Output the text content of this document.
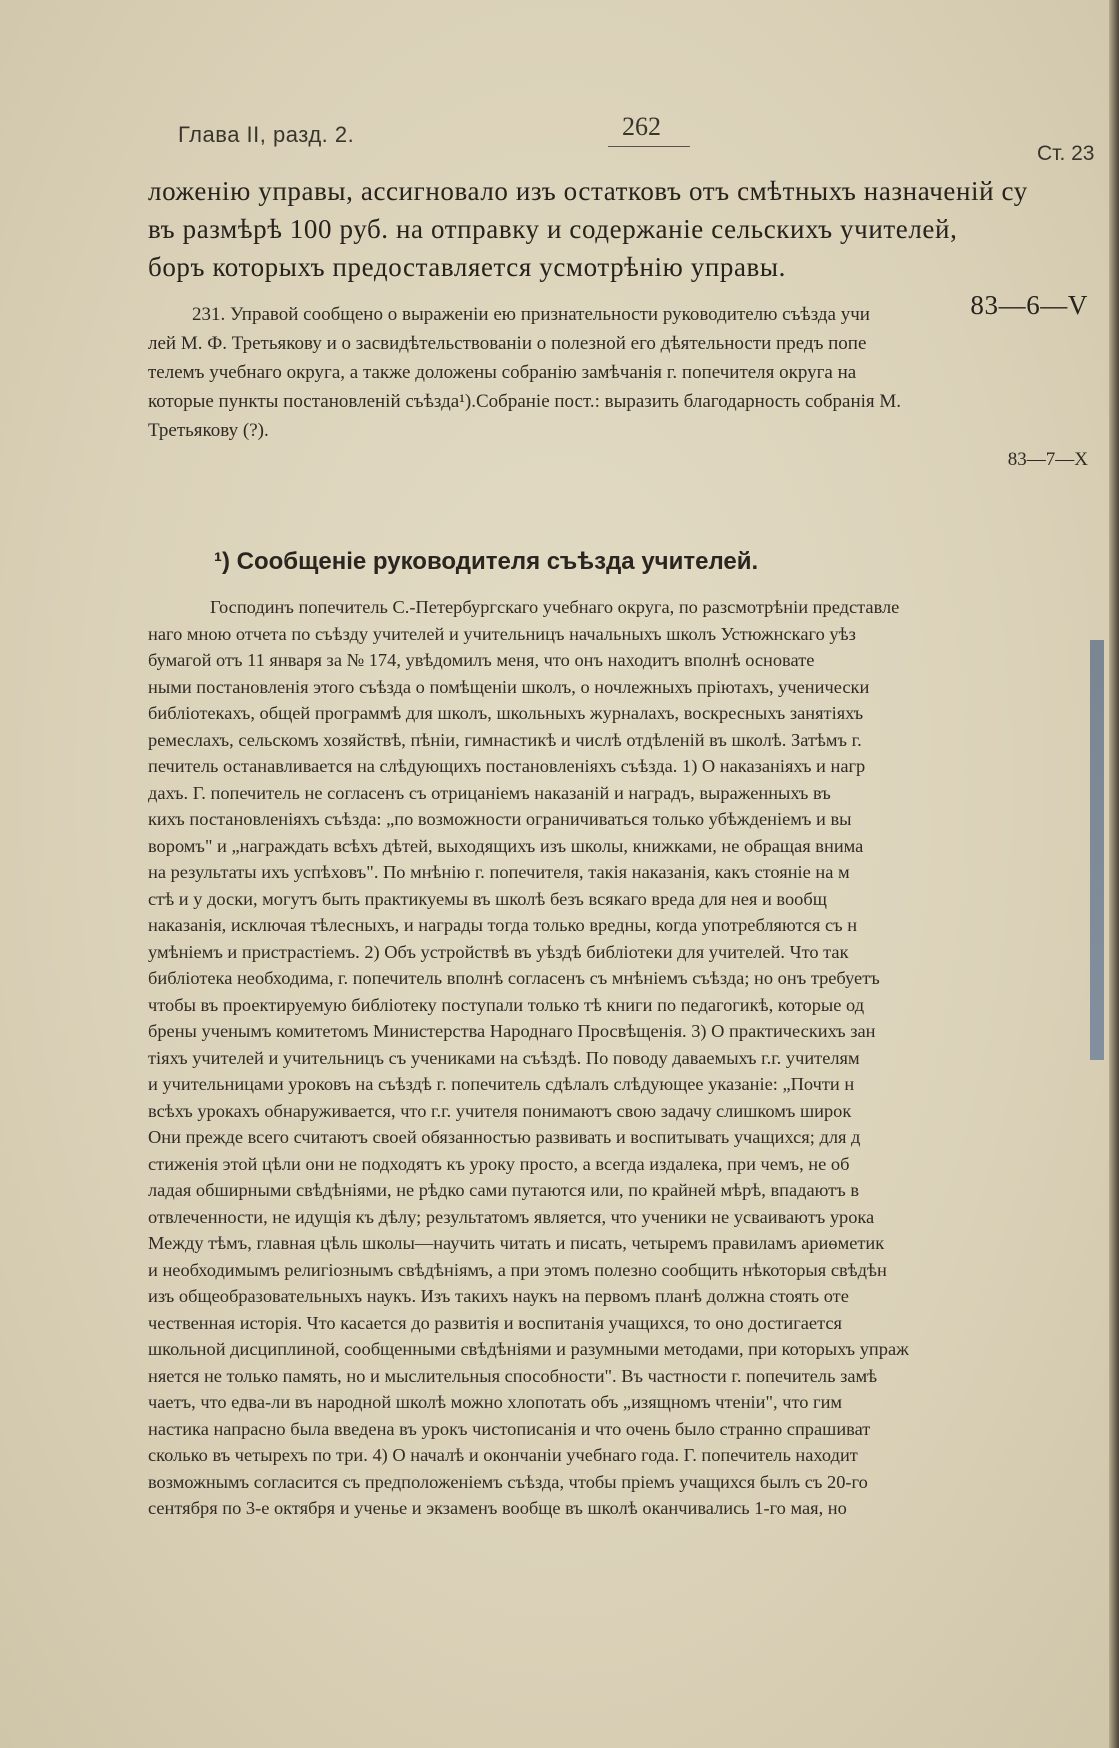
Глава II, разд. 2.	262
Ст. 23
ложенію управы, ассигновало изъ остатковъ отъ смѣтныхъ назначеній су
въ размѣрѣ 100 руб. на отправку и содержаніе сельскихъ учителей,
боръ которыхъ предоставляется усмотрѣнію управы.
83—6—V
231. Управой сообщено о выраженіи ею признательности руководителю съѣзда учи
лей М. Ф. Третьякову и о засвидѣтельствованіи о полезной его дѣятельности предъ попе
телемъ учебнаго округа, а также доложены собранію замѣчанія г. попечителя округа на
которые пункты постановленій съѣзда¹).Собраніе пост.: выразить благодарность собранія М.
Третьякову (?).
83—7—X
¹) Сообщеніе руководителя съѣзда учителей.
Господинъ попечитель С.-Петербургскаго учебнаго округа, по разсмотрѣніи представле
наго мною отчета по съѣзду учителей и учительницъ начальныхъ школъ Устюжнскаго уѣз
бумагой отъ 11 января за № 174, увѣдомилъ меня, что онъ находитъ вполнѣ основате
ными постановленія этого съѣзда о помѣщеніи школъ, о ночлежныхъ пріютахъ, ученически
библіотекахъ, общей программѣ для школъ, школьныхъ журналахъ, воскресныхъ занятіяхъ
ремеслахъ, сельскомъ хозяйствѣ, пѣніи, гимнастикѣ и числѣ отдѣленій въ школѣ. Затѣмъ г.
печитель останавливается на слѣдующихъ постановленіяхъ съѣзда. 1) О наказаніяхъ и нагр
дахъ. Г. попечитель не согласенъ съ отрицаніемъ наказаній и наградъ, выраженныхъ въ
кихъ постановленіяхъ съѣзда: „по возможности ограничиваться только убѣжденіемъ и вы
воромъ" и „награждать всѣхъ дѣтей, выходящихъ изъ школы, книжками, не обращая внима
на результаты ихъ успѣховъ". По мнѣнію г. попечителя, такія наказанія, какъ стояніе на м
стѣ и у доски, могутъ быть практикуемы въ школѣ безъ всякаго вреда для нея и вообщ
наказанія, исключая тѣлесныхъ, и награды тогда только вредны, когда употребляются съ н
умѣніемъ и пристрастіемъ. 2) Объ устройствѣ въ уѣздѣ библіотеки для учителей. Что так
библіотека необходима, г. попечитель вполнѣ согласенъ съ мнѣніемъ съѣзда; но онъ требуетъ
чтобы въ проектируемую библіотеку поступали только тѣ книги по педагогикѣ, которые од
брены ученымъ комитетомъ Министерства Народнаго Просвѣщенія. 3) О практическихъ зан
тіяхъ учителей и учительницъ съ учениками на съѣздѣ. По поводу даваемыхъ г.г. учителям
и учительницами уроковъ на съѣздѣ г. попечитель сдѣлалъ слѣдующее указаніе: „Почти н
всѣхъ урокахъ обнаруживается, что г.г. учителя понимаютъ свою задачу слишкомъ широк
Они прежде всего считаютъ своей обязанностью развивать и воспитывать учащихся; для д
стиженія этой цѣли они не подходятъ къ уроку просто, а всегда издалека, при чемъ, не об
ладая обширными свѣдѣніями, не рѣдко сами путаются или, по крайней мѣрѣ, впадаютъ в
отвлеченности, не идущія къ дѣлу; результатомъ является, что ученики не усваиваютъ урока
Между тѣмъ, главная цѣль школы—научить читать и писать, четыремъ правиламъ ариѳметик
и необходимымъ религіознымъ свѣдѣніямъ, а при этомъ полезно сообщить нѣкоторыя свѣдѣн
изъ общеобразовательныхъ наукъ. Изъ такихъ наукъ на первомъ планѣ должна стоять оте
чественная исторія. Что касается до развитія и воспитанія учащихся, то оно достигается
школьной дисциплиной, сообщенными свѣдѣніями и разумными методами, при которыхъ упраж
няется не только память, но и мыслительныя способности". Въ частности г. попечитель замѣ
чаетъ, что едва-ли въ народной школѣ можно хлопотать объ „изящномъ чтеніи", что гим
настика напрасно была введена въ урокъ чистописанія и что очень было странно спрашиват
сколько въ четырехъ по три. 4) О началѣ и окончаніи учебнаго года. Г. попечитель находит
возможнымъ согласится съ предположеніемъ съѣзда, чтобы пріемъ учащихся былъ съ 20-го
сентября по 3-е октября и ученье и экзаменъ вообще въ школѣ оканчивались 1-го мая, но
